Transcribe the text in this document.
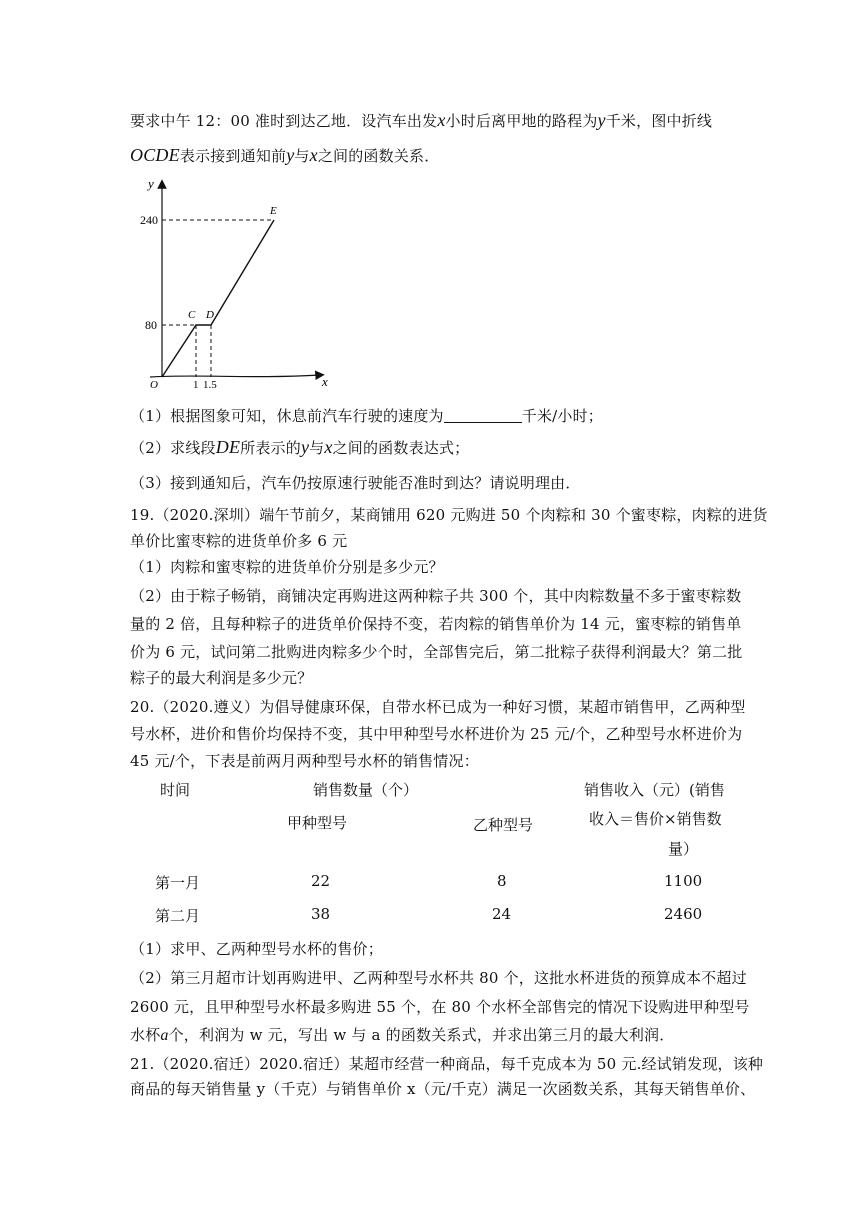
要求中午 12：00 准时到达乙地．设汽车出发x小时后离甲地的路程为y千米，图中折线
OCDE表示接到通知前y与x之间的函数关系．
y
x
O
C D
E
240
80
1 1.5
（1）根据图象可知，休息前汽车行驶的速度为	千米/小时；
（2）求线段DE所表示的y与x之间的函数表达式；
（3）接到通知后，汽车仍按原速行驶能否准时到达？请说明理由．
19.（2020.深圳）端午节前夕，某商铺用 620 元购进 50 个肉粽和 30 个蜜枣粽，肉粽的进货
单价比蜜枣粽的进货单价多 6 元
（1）肉粽和蜜枣粽的进货单价分别是多少元？
（2）由于粽子畅销，商铺决定再购进这两种粽子共 300 个，其中肉粽数量不多于蜜枣粽数
量的 2 倍，且每种粽子的进货单价保持不变，若肉粽的销售单价为 14 元，蜜枣粽的销售单
价为 6 元，试问第二批购进肉粽多少个时，全部售完后，第二批粽子获得利润最大？第二批
粽子的最大利润是多少元？
20.（2020.遵义）为倡导健康环保，自带水杯已成为一种好习惯，某超市销售甲，乙两种型
号水杯，进价和售价均保持不变，其中甲种型号水杯进价为 25 元/个，乙种型号水杯进价为
45 元/个，下表是前两月两种型号水杯的销售情况：
时间	销售数量（个）	销售收入（元）(销售
甲种型号	乙种型号	收入＝售价×销售数
量）
第一月	22	8	1100
第二月	38	24	2460
（1）求甲、乙两种型号水杯的售价；
（2）第三月超市计划再购进甲、乙两种型号水杯共 80 个，这批水杯进货的预算成本不超过
2600 元，且甲种型号水杯最多购进 55 个，在 80 个水杯全部售完的情况下设购进甲种型号
水杯a个，利润为 w 元，写出 w 与 a 的函数关系式，并求出第三月的最大利润．
21.（2020.宿迁）2020.宿迁）某超市经营一种商品，每千克成本为 50 元.经试销发现，该种
商品的每天销售量 y（千克）与销售单价 x（元/千克）满足一次函数关系，其每天销售单价、
